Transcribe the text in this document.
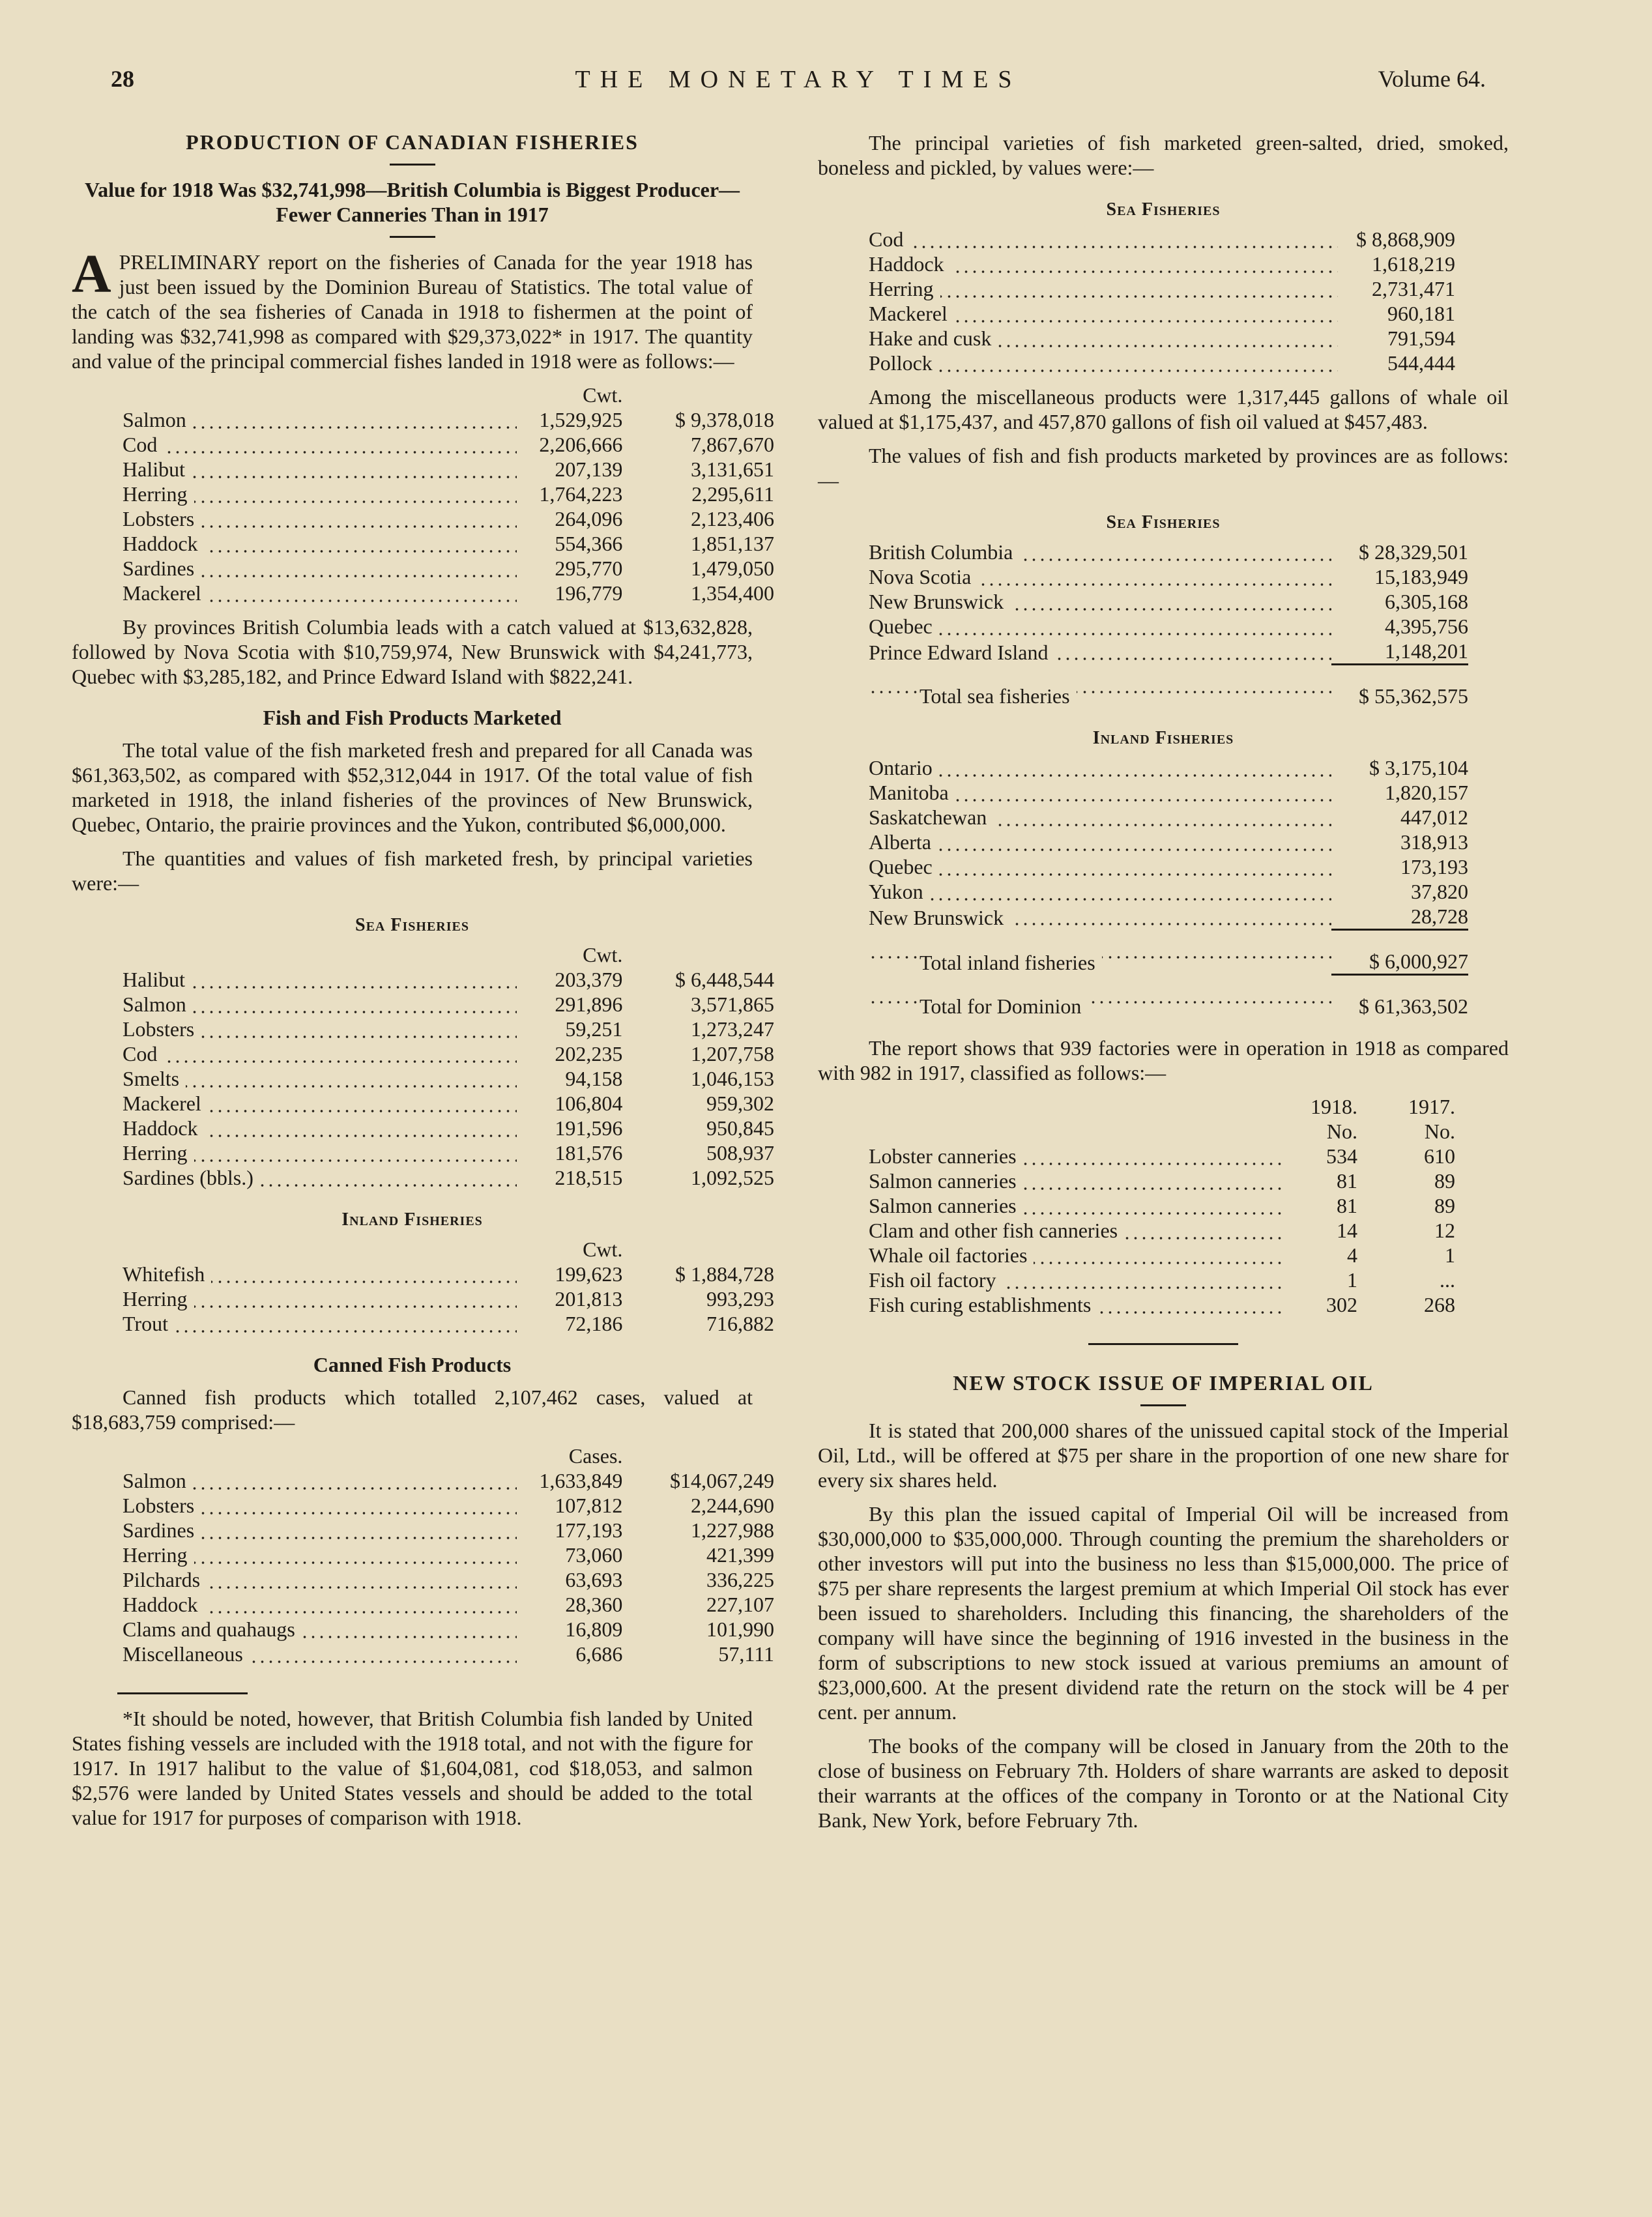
28	THE MONETARY TIMES	Volume 64.
PRODUCTION OF CANADIAN FISHERIES
Value for 1918 Was $32,741,998—British Columbia is Biggest Producer—Fewer Canneries Than in 1917

A PRELIMINARY report on the fisheries of Canada for the year 1918 has just been issued by the Dominion Bureau of Statistics. The total value of the catch of the sea fisheries of Canada in 1918 to fishermen at the point of landing was $32,741,998 as compared with $29,373,022* in 1917. The quantity and value of the principal commercial fishes landed in 1918 were as follows:—

	Cwt.	
Salmon	1,529,925	$ 9,378,018
Cod	2,206,666	7,867,670
Halibut	207,139	3,131,651
Herring	1,764,223	2,295,611
Lobsters	264,096	2,123,406
Haddock	554,366	1,851,137
Sardines	295,770	1,479,050
Mackerel	196,779	1,354,400

By provinces British Columbia leads with a catch valued at $13,632,828, followed by Nova Scotia with $10,759,974, New Brunswick with $4,241,773, Quebec with $3,285,182, and Prince Edward Island with $822,241.

Fish and Fish Products Marketed

The total value of the fish marketed fresh and prepared for all Canada was $61,363,502, as compared with $52,312,044 in 1917. Of the total value of fish marketed in 1918, the inland fisheries of the provinces of New Brunswick, Quebec, Ontario, the prairie provinces and the Yukon, contributed $6,000,000.

The quantities and values of fish marketed fresh, by principal varieties were:—

Sea Fisheries
	Cwt.	
Halibut	203,379	$ 6,448,544
Salmon	291,896	3,571,865
Lobsters	59,251	1,273,247
Cod	202,235	1,207,758
Smelts	94,158	1,046,153
Mackerel	106,804	959,302
Haddock	191,596	950,845
Herring	181,576	508,937
Sardines (bbls.)	218,515	1,092,525
Inland Fisheries
	Cwt.	
Whitefish	199,623	$ 1,884,728
Herring	201,813	993,293
Trout	72,186	716,882
Canned Fish Products

Canned fish products which totalled 2,107,462 cases, valued at $18,683,759 comprised:—

	Cases.	
Salmon	1,633,849	$14,067,249
Lobsters	107,812	2,244,690
Sardines	177,193	1,227,988
Herring	73,060	421,399
Pilchards	63,693	336,225
Haddock	28,360	227,107
Clams and quahaugs	16,809	101,990
Miscellaneous	6,686	57,111

*It should be noted, however, that British Columbia fish landed by United States fishing vessels are included with the 1918 total, and not with the figure for 1917. In 1917 halibut to the value of $1,604,081, cod $18,053, and salmon $2,576 were landed by United States vessels and should be added to the total value for 1917 for purposes of comparison with 1918.

The principal varieties of fish marketed green-salted, dried, smoked, boneless and pickled, by values were:—

Sea Fisheries
Cod	$ 8,868,909
Haddock	1,618,219
Herring	2,731,471
Mackerel	960,181
Hake and cusk	791,594
Pollock	544,444

Among the miscellaneous products were 1,317,445 gallons of whale oil valued at $1,175,437, and 457,870 gallons of fish oil valued at $457,483.

The values of fish and fish products marketed by provinces are as follows:—

Sea Fisheries
British Columbia	$ 28,329,501
Nova Scotia	15,183,949
New Brunswick	6,305,168
Quebec	4,395,756
Prince Edward Island	1,148,201

Total sea fisheries	$ 55,362,575
Inland Fisheries
Ontario	$ 3,175,104
Manitoba	1,820,157
Saskatchewan	447,012
Alberta	318,913
Quebec	173,193
Yukon	37,820
New Brunswick	28,728

Total inland fisheries	$ 6,000,927

Total for Dominion	$ 61,363,502

The report shows that 939 factories were in operation in 1918 as compared with 982 in 1917, classified as follows:—

	1918.	1917.
	No.	No.
Lobster canneries	534	610
Salmon canneries	81	89
Salmon canneries	81	89
Clam and other fish canneries	14	12
Whale oil factories	4	1
Fish oil factory	1	...
Fish curing establishments	302	268
NEW STOCK ISSUE OF IMPERIAL OIL

It is stated that 200,000 shares of the unissued capital stock of the Imperial Oil, Ltd., will be offered at $75 per share in the proportion of one new share for every six shares held.

By this plan the issued capital of Imperial Oil will be increased from $30,000,000 to $35,000,000. Through counting the premium the shareholders or other investors will put into the business no less than $15,000,000. The price of $75 per share represents the largest premium at which Imperial Oil stock has ever been issued to shareholders. Including this financing, the shareholders of the company will have since the beginning of 1916 invested in the business in the form of subscriptions to new stock issued at various premiums an amount of $23,000,600. At the present dividend rate the return on the stock will be 4 per cent. per annum.

The books of the company will be closed in January from the 20th to the close of business on February 7th. Holders of share warrants are asked to deposit their warrants at the offices of the company in Toronto or at the National City Bank, New York, before February 7th.
